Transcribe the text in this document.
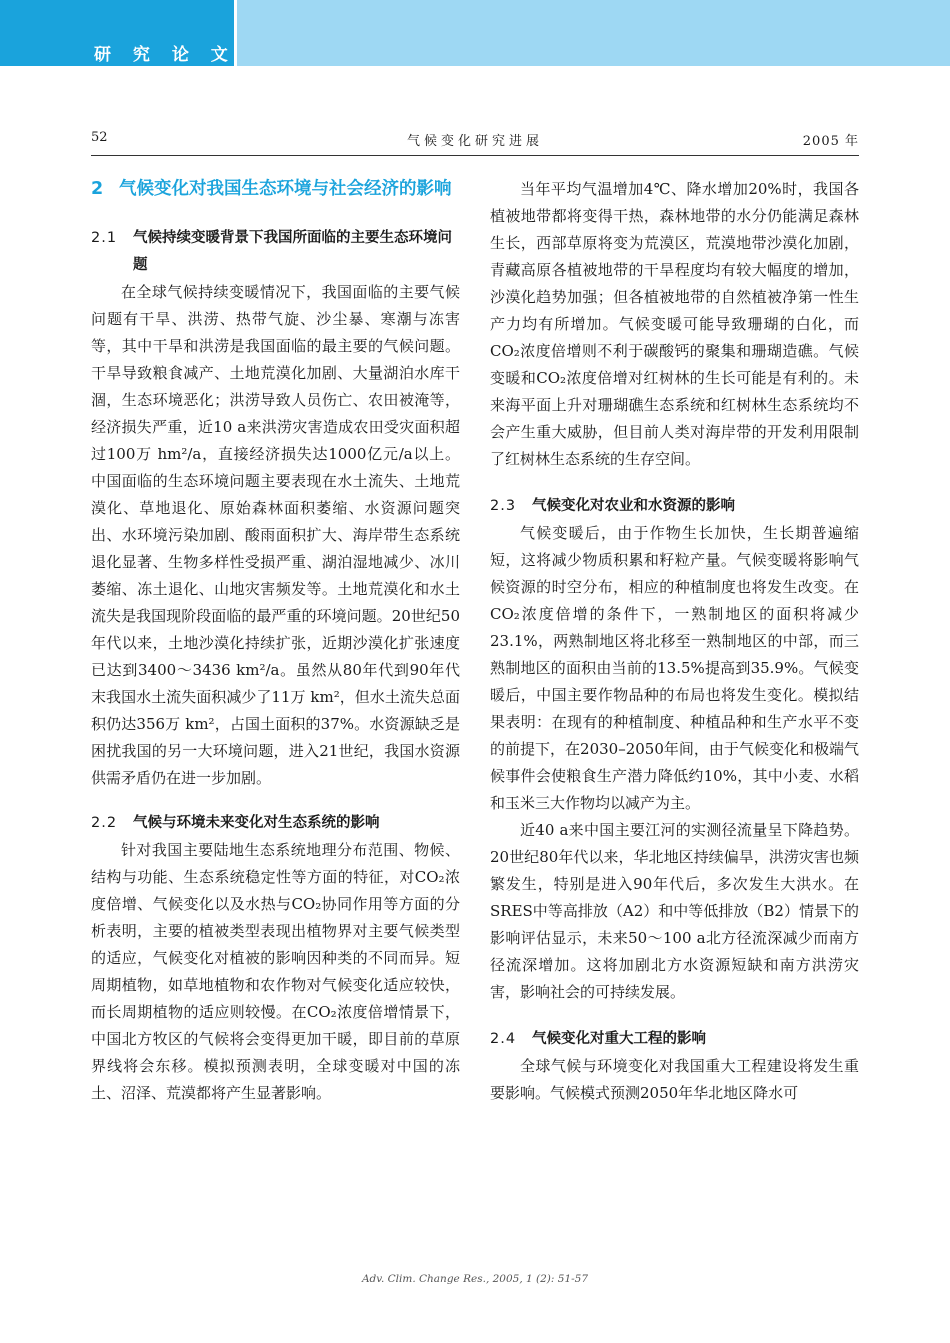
研 究 论 文
52	气候变化研究进展	2005 年
2 气候变化对我国生态环境与社会经济的影响
2.1	气候持续变暖背景下我国所面临的主要生态环境问题

在全球气候持续变暖情况下，我国面临的主要气候问题有干旱、洪涝、热带气旋、沙尘暴、寒潮与冻害等，其中干旱和洪涝是我国面临的最主要的气候问题。干旱导致粮食减产、土地荒漠化加剧、大量湖泊水库干涸，生态环境恶化；洪涝导致人员伤亡、农田被淹等，经济损失严重，近10 a来洪涝灾害造成农田受灾面积超过100万 hm²/a，直接经济损失达1000亿元/a以上。中国面临的生态环境问题主要表现在水土流失、土地荒漠化、草地退化、原始森林面积萎缩、水资源问题突出、水环境污染加剧、酸雨面积扩大、海岸带生态系统退化显著、生物多样性受损严重、湖泊湿地减少、冰川萎缩、冻土退化、山地灾害频发等。土地荒漠化和水土流失是我国现阶段面临的最严重的环境问题。20世纪50年代以来，土地沙漠化持续扩张，近期沙漠化扩张速度已达到3400～3436 km²/a。虽然从80年代到90年代末我国水土流失面积减少了11万 km²，但水土流失总面积仍达356万 km²，占国土面积的37%。水资源缺乏是困扰我国的另一大环境问题，进入21世纪，我国水资源供需矛盾仍在进一步加剧。

2.2	气候与环境未来变化对生态系统的影响

针对我国主要陆地生态系统地理分布范围、物候、结构与功能、生态系统稳定性等方面的特征，对CO₂浓度倍增、气候变化以及水热与CO₂协同作用等方面的分析表明，主要的植被类型表现出植物界对主要气候类型的适应，气候变化对植被的影响因种类的不同而异。短周期植物，如草地植物和农作物对气候变化适应较快，而长周期植物的适应则较慢。在CO₂浓度倍增情景下，中国北方牧区的气候将会变得更加干暖，即目前的草原界线将会东移。模拟预测表明，全球变暖对中国的冻土、沼泽、荒漠都将产生显著影响。

当年平均气温增加4℃、降水增加20%时，我国各植被地带都将变得干热，森林地带的水分仍能满足森林生长，西部草原将变为荒漠区，荒漠地带沙漠化加剧，青藏高原各植被地带的干旱程度均有较大幅度的增加，沙漠化趋势加强；但各植被地带的自然植被净第一性生产力均有所增加。气候变暖可能导致珊瑚的白化，而CO₂浓度倍增则不利于碳酸钙的聚集和珊瑚造礁。气候变暖和CO₂浓度倍增对红树林的生长可能是有利的。未来海平面上升对珊瑚礁生态系统和红树林生态系统均不会产生重大威胁，但目前人类对海岸带的开发利用限制了红树林生态系统的生存空间。

2.3	气候变化对农业和水资源的影响

气候变暖后，由于作物生长加快，生长期普遍缩短，这将减少物质积累和籽粒产量。气候变暖将影响气候资源的时空分布，相应的种植制度也将发生改变。在CO₂浓度倍增的条件下，一熟制地区的面积将减少23.1%，两熟制地区将北移至一熟制地区的中部，而三熟制地区的面积由当前的13.5%提高到35.9%。气候变暖后，中国主要作物品种的布局也将发生变化。模拟结果表明：在现有的种植制度、种植品种和生产水平不变的前提下，在2030–2050年间，由于气候变化和极端气候事件会使粮食生产潜力降低约10%，其中小麦、水稻和玉米三大作物均以减产为主。

近40 a来中国主要江河的实测径流量呈下降趋势。20世纪80年代以来，华北地区持续偏旱，洪涝灾害也频繁发生，特别是进入90年代后，多次发生大洪水。在SRES中等高排放（A2）和中等低排放（B2）情景下的影响评估显示，未来50～100 a北方径流深减少而南方径流深增加。这将加剧北方水资源短缺和南方洪涝灾害，影响社会的可持续发展。

2.4	气候变化对重大工程的影响

全球气候与环境变化对我国重大工程建设将发生重要影响。气候模式预测2050年华北地区降水可

Adv. Clim. Change Res., 2005, 1 (2): 51-57
